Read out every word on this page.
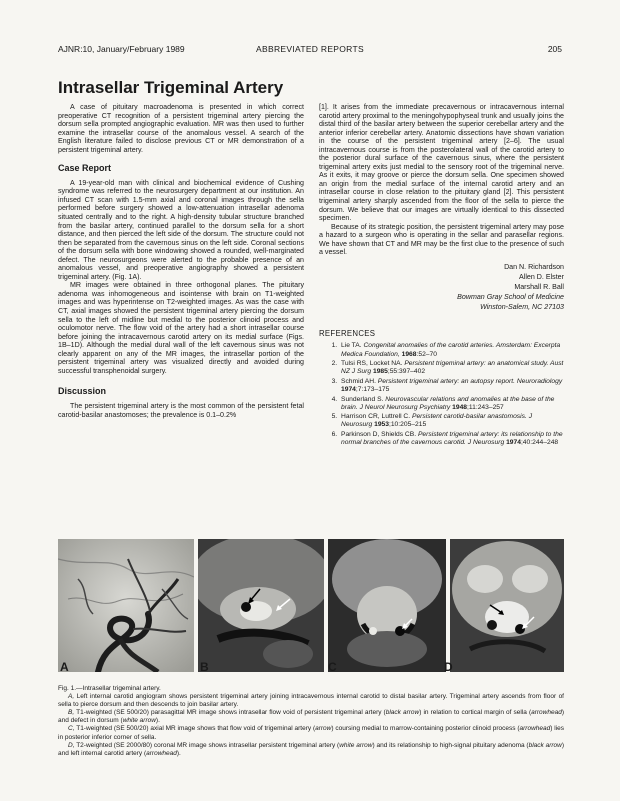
AJNR:10, January/February 1989	ABBREVIATED REPORTS	205
Intrasellar Trigeminal Artery

A case of pituitary macroadenoma is presented in which correct preoperative CT recognition of a persistent trigeminal artery piercing the dorsum sella prompted angiographic evaluation. MR was then used to further examine the intrasellar course of the anomalous vessel. A search of the English literature failed to disclose previous CT or MR demonstration of a persistent trigeminal artery.

Case Report

A 19-year-old man with clinical and biochemical evidence of Cushing syndrome was referred to the neurosurgery department at our institution. An infused CT scan with 1.5-mm axial and coronal images through the sella performed before surgery showed a low-attenuation intrasellar adenoma situated centrally and to the right. A high-density tubular structure branched from the basilar artery, continued parallel to the dorsum sella for a short distance, and then pierced the left side of the dorsum. The structure could not then be separated from the cavernous sinus on the left side. Coronal sections of the dorsum sella with bone windowing showed a rounded, well-marginated defect. The neurosurgeons were alerted to the probable presence of an anomalous vessel, and preoperative angiography showed a persistent trigeminal artery. (Fig. 1A).

MR images were obtained in three orthogonal planes. The pituitary adenoma was inhomogeneous and isointense with brain on T1-weighted images and was hyperintense on T2-weighted images. As was the case with CT, axial images showed the persistent trigeminal artery piercing the dorsum sella to the left of midline but medial to the posterior clinoid process and oculomotor nerve. The flow void of the artery had a short intrasellar course before joining the intracavernous carotid artery on its medial surface (Figs. 1B–1D). Although the medial dural wall of the left cavernous sinus was not clearly apparent on any of the MR images, the intrasellar portion of the persistent trigeminal artery was visualized directly and avoided during successful transphenoidal surgery.

Discussion

The persistent trigeminal artery is the most common of the persistent fetal carotid-basilar anastomoses; the prevalence is 0.1–0.2%

[1]. It arises from the immediate precavernous or intracavernous internal carotid artery proximal to the meningohypophyseal trunk and usually joins the distal third of the basilar artery between the superior cerebellar artery and the anterior inferior cerebellar artery. Anatomic dissections have shown variation in the course of the persistent trigeminal artery [2–6]. The usual intracavernous course is from the posterolateral wall of the carotid artery to the posterior dural surface of the cavernous sinus, where the persistent trigeminal artery exits just medial to the sensory root of the trigeminal nerve. As it exits, it may groove or pierce the dorsum sella. One specimen showed an origin from the medial surface of the internal carotid artery and an intrasellar course in close relation to the pituitary gland [2]. This persistent trigeminal artery sharply ascended from the floor of the sella to pierce the dorsum. We believe that our images are virtually identical to this dissected specimen.

Because of its strategic position, the persistent trigeminal artery may pose a hazard to a surgeon who is operating in the sellar and parasellar regions. We have shown that CT and MR may be the first clue to the presence of such a vessel.

Dan N. Richardson
Allen D. Elster
Marshall R. Ball
Bowman Gray School of Medicine
Winston-Salem, NC 27103
REFERENCES
1. Lie TA. Congenital anomalies of the carotid arteries. Amsterdam: Excerpta Medica Foundation, 1968:52–70
2. Tulsi RS, Locket NA. Persistent trigeminal artery: an anatomical study. Aust NZ J Surg 1985;55:397–402
3. Schmid AH. Persistent trigeminal artery: an autopsy report. Neuroradiology 1974;7:173–175
4. Sunderland S. Neurovascular relations and anomalies at the base of the brain. J Neurol Neurosurg Psychiatry 1948;11:243–257
5. Harrison CR, Luttrell C. Persistent carotid-basilar anastomosis. J Neurosurg 1953;10:205–215
6. Parkinson D, Shields CB. Persistent trigeminal artery: its relationship to the normal branches of the cavernous carotid. J Neurosurg 1974;40:244–248
A	B	C	D

Fig. 1.—Intrasellar trigeminal artery.

A, Left internal carotid angiogram shows persistent trigeminal artery joining intracavernous internal carotid to distal basilar artery. Trigeminal artery ascends from floor of sella to pierce dorsum and then descends to join basilar artery.

B, T1-weighted (SE 500/20) parasagittal MR image shows intrasellar flow void of persistent trigeminal artery (black arrow) in relation to cortical margin of sella (arrowhead) and defect in dorsum (white arrow).

C, T1-weighted (SE 500/20) axial MR image shows that flow void of trigeminal artery (arrow) coursing medial to marrow-containing posterior clinoid process (arrowhead) lies in posterior inferior corner of sella.

D, T2-weighted (SE 2000/80) coronal MR image shows intrasellar persistent trigeminal artery (white arrow) and its relationship to high-signal pituitary adenoma (black arrow) and left internal carotid artery (arrowhead).
